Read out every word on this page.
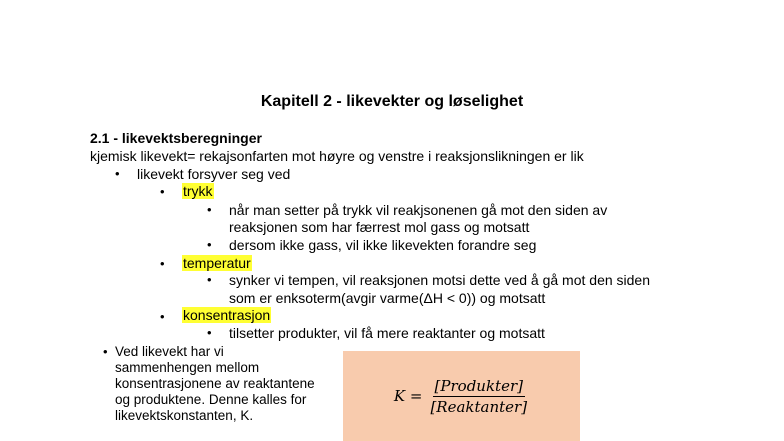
Kapitell 2 - likevekter og løselighet
2.1 - likevektsberegninger
kjemisk likevekt= rekajsonfarten mot høyre og venstre i reaksjonslikningen er lik
• likevekt forsyver seg ved
• trykk
• når man setter på trykk vil reakjsonenen gå mot den siden av
reaksjonen som har færrest mol gass og motsatt
• dersom ikke gass, vil ikke likevekten forandre seg
• temperatur
• synker vi tempen, vil reaksjonen motsi dette ved å gå mot den siden
som er enksoterm(avgir varme(ΔH < 0)) og motsatt
• konsentrasjon
• tilsetter produkter, vil få mere reaktanter og motsatt
• Ved likevekt har vi sammenhengen mellom konsentrasjonene av reaktantene og produktene. Denne kalles for likevektskonstanten, K.
$K = \frac{\text{[Produkter]}}{\text{[Reaktanter]}}$
